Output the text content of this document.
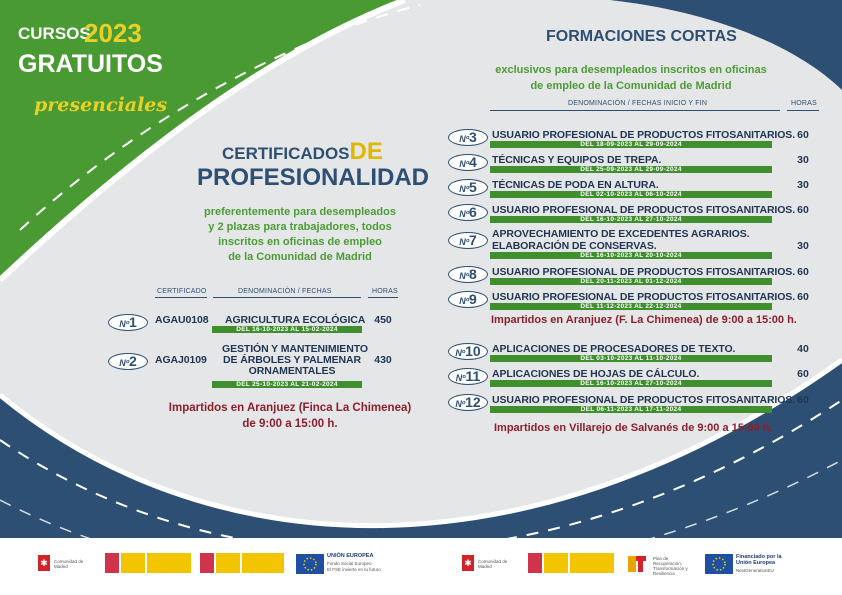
CURSOS
2023
GRATUITOS
presenciales
CERTIFICADOSDE
PROFESIONALIDAD
preferentemente para desempleados
y 2 plazas para trabajadores, todos
inscritos en oficinas de empleo
de la Comunidad de Madrid
CERTIFICADO	DENOMINACIÓN / FECHAS	HORAS
Nº1	AGAU0108 AGRICULTURA ECOLÓGICA
DEL 16-10-2023 AL 15-02-2024
450
Nº2	AGAJ0109
GESTIÓN Y MANTENIMIENTO
DE ÁRBOLES Y PALMENAR
ORNAMENTALES
DEL 25-10-2023 AL 21-02-2024
430
Impartidos en Aranjuez (Finca La Chimenea)
de 9:00 a 15:00 h.
FORMACIONES CORTAS
exclusivos para desempleados inscritos en oficinas
de empleo de la Comunidad de Madrid
DENOMINACIÓN / FECHAS INICIO Y FIN	HORAS
Nº3	USUARIO PROFESIONAL DE PRODUCTOS FITOSANITARIOS.
DEL 18-09-2023 AL 29-09-2024
60
Nº4	TÉCNICAS Y EQUIPOS DE TREPA.
DEL 25-09-2023 AL 29-09-2024
30
Nº5	TÉCNICAS DE PODA EN ALTURA.
DEL 02-10-2023 AL 06-10-2024
30
Nº6	USUARIO PROFESIONAL DE PRODUCTOS FITOSANITARIOS.
DEL 16-10-2023 AL 27-10-2024
60
Nº7	APROVECHAMIENTO DE EXCEDENTES AGRARIOS.
ELABORACIÓN DE CONSERVAS.
DEL 16-10-2023 AL 20-10-2024
30
Nº8	USUARIO PROFESIONAL DE PRODUCTOS FITOSANITARIOS.
DEL 20-11-2023 AL 01-12-2024
60
Nº9	USUARIO PROFESIONAL DE PRODUCTOS FITOSANITARIOS.
DEL 11-12-2023 AL 22-12-2024
60
Nº10	APLICACIONES DE PROCESADORES DE TEXTO.
DEL 03-10-2023 AL 11-10-2024
40
Nº11	APLICACIONES DE HOJAS DE CÁLCULO.
DEL 16-10-2023 AL 27-10-2024
60
Nº12	USUARIO PROFESIONAL DE PRODUCTOS FITOSANITARIOS.
DEL 06-11-2023 AL 17-11-2024
60
Impartidos en Aranjuez (F. La Chimenea) de 9:00 a 15:00 h.
Impartidos en Villarejo de Salvanés de 9:00 a 15:00 h.
✱ Comunidad de Madrid
UNIÓN EUROPEA
Fondo Social Europeo
El FSE invierte en tu futuro
✱ Comunidad de Madrid
Plan de Recuperación, Transformación y Resiliencia
Financiado por la Unión Europea
NextGenerationEU
